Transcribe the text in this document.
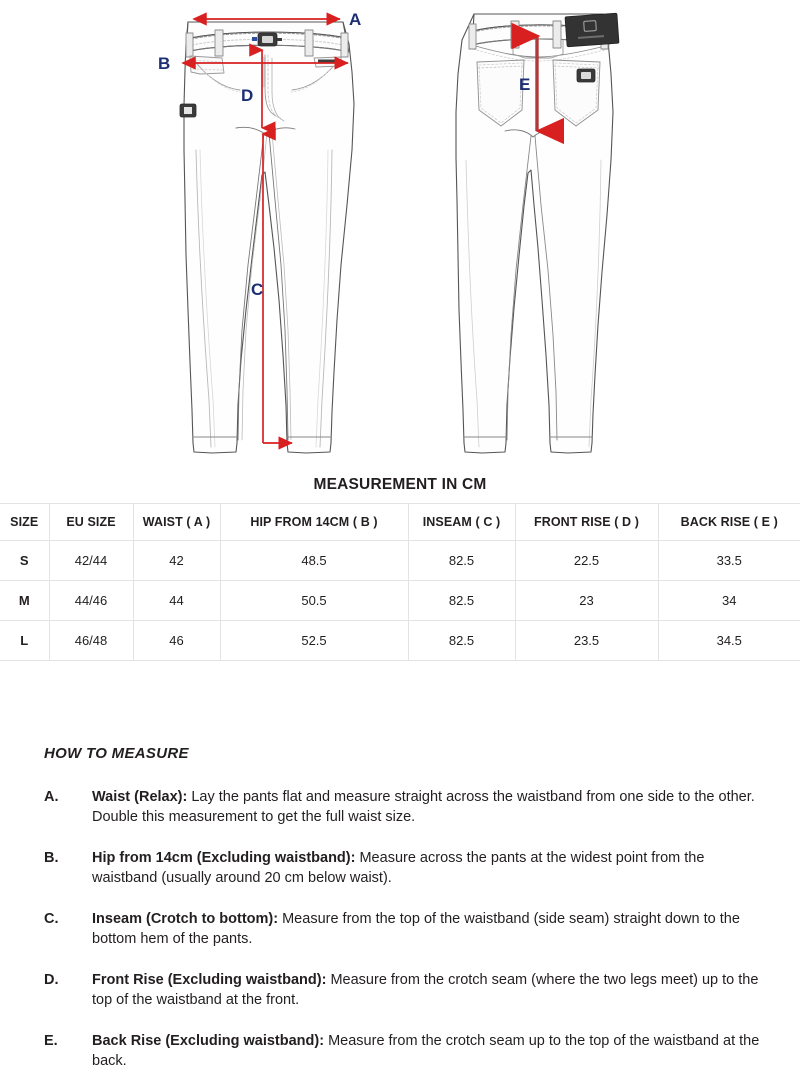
A
B
D
C
E
MEASUREMENT IN CM
SIZE	EU SIZE	WAIST ( A )	HIP FROM 14CM ( B )	INSEAM ( C )	FRONT RISE ( D )	BACK RISE ( E )
S	42/44	42	48.5	82.5	22.5	33.5
M	44/46	44	50.5	82.5	23	34
L	46/48	46	52.5	82.5	23.5	34.5
HOW TO MEASURE
A.	Waist (Relax): Lay the pants flat and measure straight across the waistband from one side to the other. Double this measurement to get the full waist size.
B.	Hip from 14cm (Excluding waistband): Measure across the pants at the widest point from the waistband (usually around 20 cm below waist).
C.	Inseam (Crotch to bottom): Measure from the top of the waistband (side seam) straight down to the bottom hem of the pants.
D.	Front Rise (Excluding waistband): Measure from the crotch seam (where the two legs meet) up to the top of the waistband at the front.
E.	Back Rise (Excluding waistband): Measure from the crotch seam up to the top of the waistband at the back.
